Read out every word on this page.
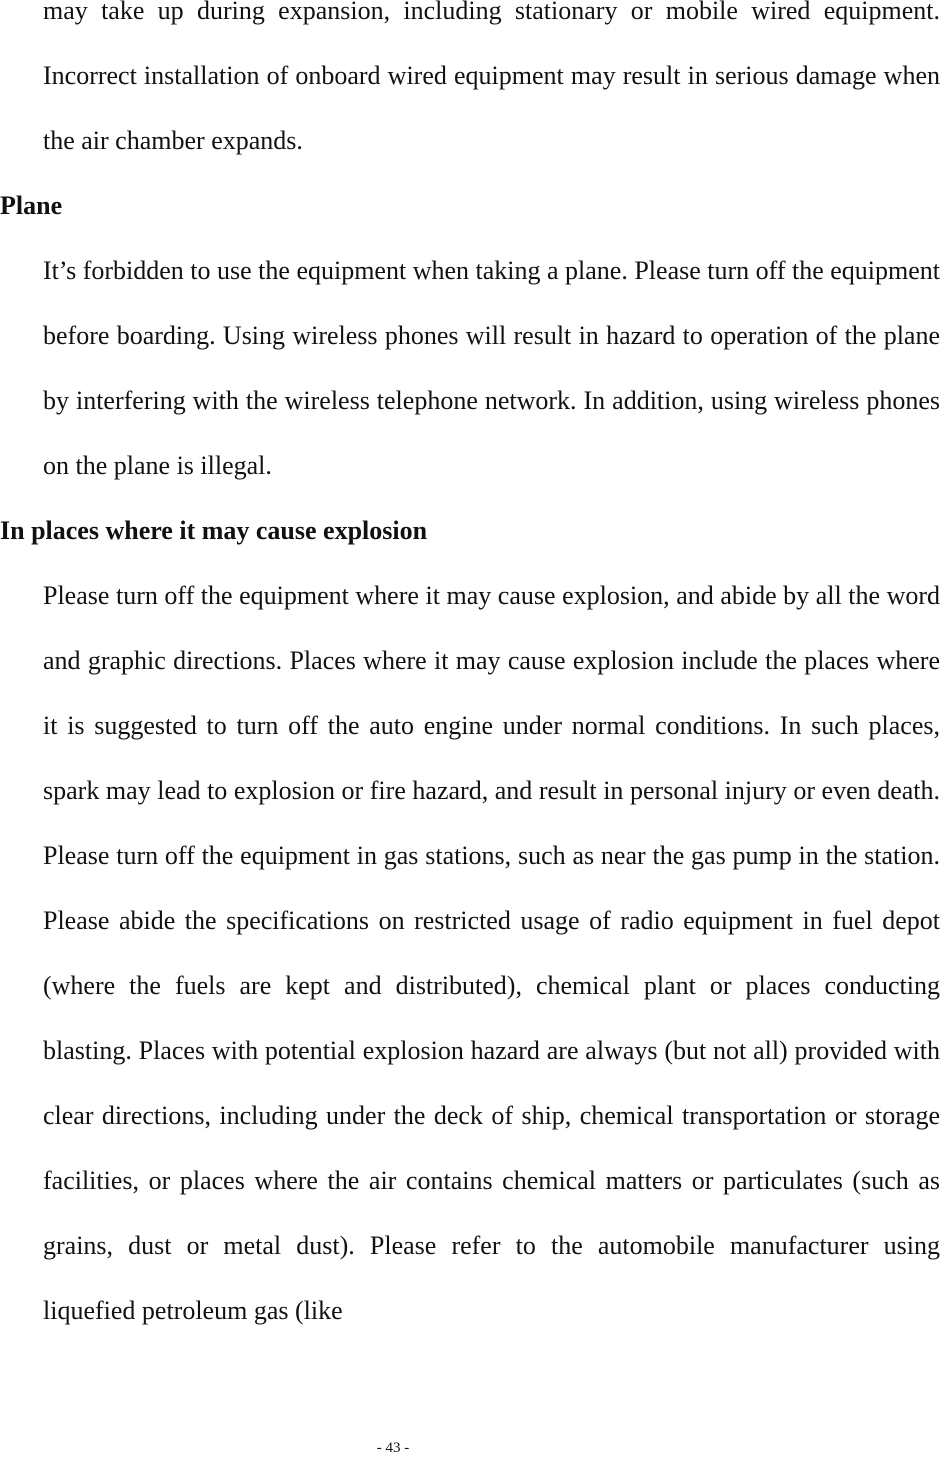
may take up during expansion, including stationary or mobile wired equipment. Incorrect installation of onboard wired equipment may result in serious damage when the air chamber expands.

Plane

It’s forbidden to use the equipment when taking a plane. Please turn off the equipment before boarding. Using wireless phones will result in hazard to operation of the plane by interfering with the wireless telephone network. In addition, using wireless phones on the plane is illegal.

In places where it may cause explosion

Please turn off the equipment where it may cause explosion, and abide by all the word and graphic directions. Places where it may cause explosion include the places where it is suggested to turn off the auto engine under normal conditions. In such places, spark may lead to explosion or fire hazard, and result in personal injury or even death. Please turn off the equipment in gas stations, such as near the gas pump in the station. Please abide the specifications on restricted usage of radio equipment in fuel depot (where the fuels are kept and distributed), chemical plant or places conducting blasting. Places with potential explosion hazard are always (but not all) provided with clear directions, including under the deck of ship, chemical transportation or storage facilities, or places where the air contains chemical matters or particulates (such as grains, dust or metal dust). Please refer to the automobile manufacturer using liquefied petroleum gas (like

- 43 -
